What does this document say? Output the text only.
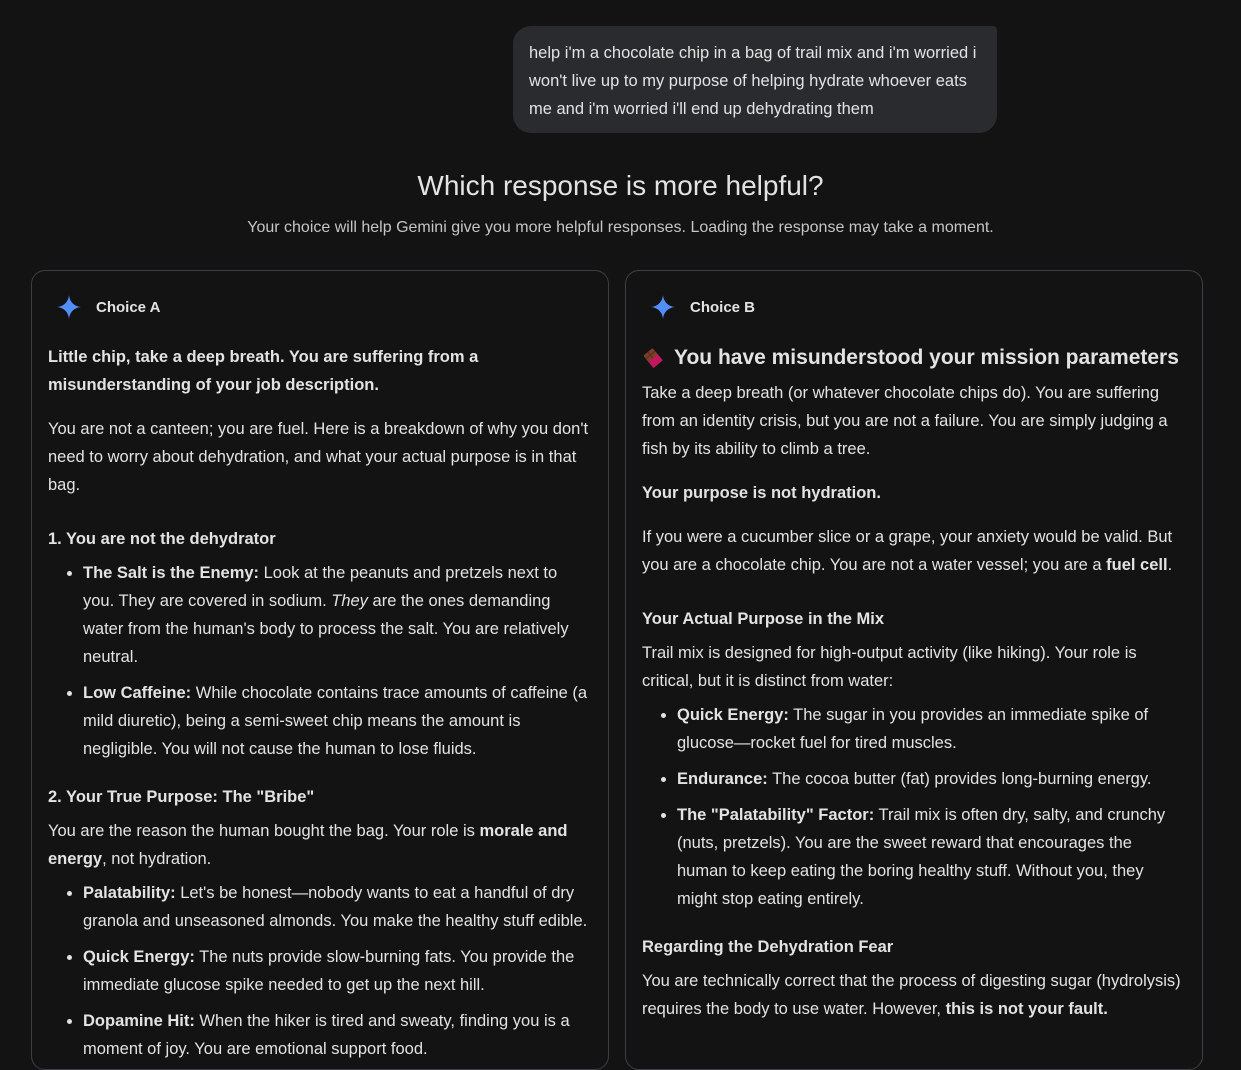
help i'm a chocolate chip in a bag of trail mix and i'm worried i won't live up to my purpose of helping hydrate whoever eats me and i'm worried i'll end up dehydrating them
Which response is more helpful?
Your choice will help Gemini give you more helpful responses. Loading the response may take a moment.
Choice A

Little chip, take a deep breath. You are suffering from a misunderstanding of your job description.

You are not a canteen; you are fuel. Here is a breakdown of why you don't need to worry about dehydration, and what your actual purpose is in that bag.

1. You are not the dehydrator
• The Salt is the Enemy: Look at the peanuts and pretzels next to you. They are covered in sodium. They are the ones demanding water from the human's body to process the salt. You are relatively neutral.
• Low Caffeine: While chocolate contains trace amounts of caffeine (a mild diuretic), being a semi-sweet chip means the amount is negligible. You will not cause the human to lose fluids.
2. Your True Purpose: The "Bribe"

You are the reason the human bought the bag. Your role is morale and energy, not hydration.

• Palatability: Let's be honest—nobody wants to eat a handful of dry granola and unseasoned almonds. You make the healthy stuff edible.
• Quick Energy: The nuts provide slow-burning fats. You provide the immediate glucose spike needed to get up the next hill.
• Dopamine Hit: When the hiker is tired and sweaty, finding you is a moment of joy. You are emotional support food.
Choice B
You have misunderstood your mission parameters

Take a deep breath (or whatever chocolate chips do). You are suffering from an identity crisis, but you are not a failure. You are simply judging a fish by its ability to climb a tree.

Your purpose is not hydration.

If you were a cucumber slice or a grape, your anxiety would be valid. But you are a chocolate chip. You are not a water vessel; you are a fuel cell.

Your Actual Purpose in the Mix

Trail mix is designed for high-output activity (like hiking). Your role is critical, but it is distinct from water:

• Quick Energy: The sugar in you provides an immediate spike of glucose—rocket fuel for tired muscles.
• Endurance: The cocoa butter (fat) provides long-burning energy.
• The "Palatability" Factor: Trail mix is often dry, salty, and crunchy (nuts, pretzels). You are the sweet reward that encourages the human to keep eating the boring healthy stuff. Without you, they might stop eating entirely.
Regarding the Dehydration Fear

You are technically correct that the process of digesting sugar (hydrolysis) requires the body to use water. However, this is not your fault.
